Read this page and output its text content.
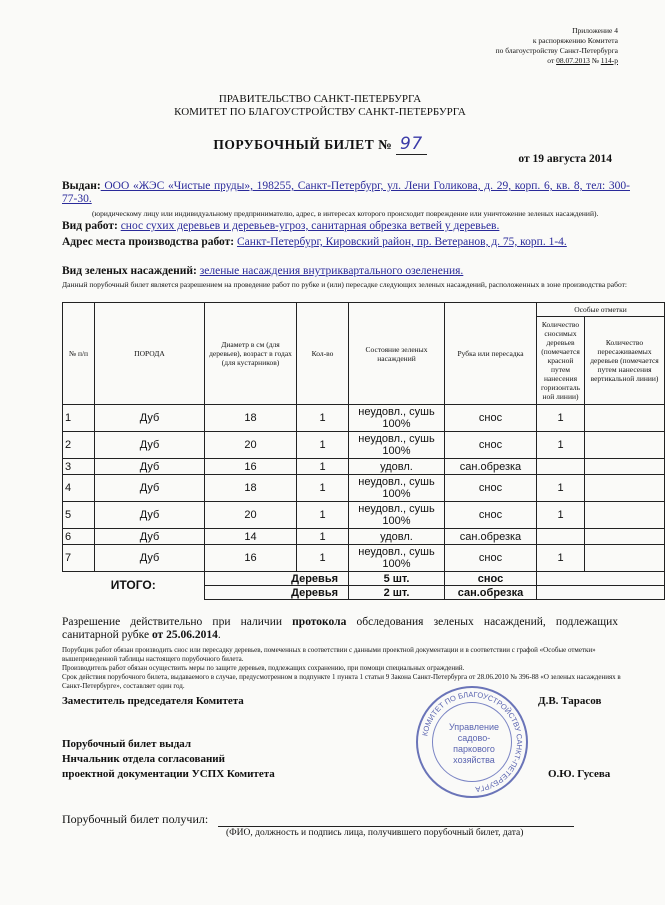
Приложение 4
к распоряжению Комитета
по благоустройству Санкт-Петербурга
от 08.07.2013 № 114-р
ПРАВИТЕЛЬСТВО САНКТ-ПЕТЕРБУРГА
КОМИТЕТ ПО БЛАГОУСТРОЙСТВУ САНКТ-ПЕТЕРБУРГА
ПОРУБОЧНЫЙ БИЛЕТ № 97
от 19 августа 2014
Выдан: ООО «ЖЭС «Чистые пруды», 198255, Санкт-Петербург, ул. Лени Голикова, д. 29, корп. 6, кв. 8, тел: 300-77-30.
(юридическому лицу или индивидуальному предпринимателю, адрес, в интересах которого происходит повреждение или уничтожение зеленых насаждений).
Вид работ: снос сухих деревьев и деревьев-угроз, санитарная обрезка ветвей у деревьев.
Адрес места производства работ: Санкт-Петербург, Кировский район, пр. Ветеранов, д. 75, корп. 1-4.
Вид зеленых насаждений: зеленые насаждения внутриквартального озеленения.
Данный порубочный билет является разрешением на проведение работ по рубке и (или) пересадке следующих зеленых насаждений, расположенных в зоне производства работ:
№ п/п	ПОРОДА	Диаметр в см (для деревьев), возраст в годах (для кустарников)	Кол-во	Состояние зеленых насаждений	Рубка или пересадка	Особые отметки	
						Количество сносимых деревьев (помечается красной путем нанесения горизонталь ной линии)	Количество пересаживаемых деревьев (помечается путем нанесения вертикальной линии)
1	Дуб	18	1	неудовл., сушь 100%	снос	1	
2	Дуб	20	1	неудовл., сушь 100%	снос	1	
3	Дуб	16	1	удовл.	сан.обрезка		
4	Дуб	18	1	неудовл., сушь 100%	снос	1	
5	Дуб	20	1	неудовл., сушь 100%	снос	1	
6	Дуб	14	1	удовл.	сан.обрезка		
7	Дуб	16	1	неудовл., сушь 100%	снос	1	
ИТОГО:		Деревья		5 шт.	снос		
		Деревья		2 шт.	сан.обрезка		
Разрешение действительно при наличии протокола обследования зеленых насаждений, подлежащих санитарной рубке от 25.06.2014.
Порубщик работ обязан производить снос или пересадку деревьев, помеченных в соответствии с данными проектной документации и в соответствии с графой «Особые отметки» вышеприведенной таблицы настоящего порубочного билета.
Производитель работ обязан осуществить меры по защите деревьев, подлежащих сохранению, при помощи специальных ограждений.
Срок действия порубочного билета, выдаваемого в случае, предусмотренном в подпункте 1 пункта 1 статьи 9 Закона Санкт-Петербурга от 28.06.2010 № 396-88 «О зеленых насаждениях в Санкт-Петербурге», составляет один год.
Заместитель председателя Комитета	Д.В. Тарасов
КОМИТЕТ ПО БЛАГОУСТРОЙСТВУ САНКТ-ПЕТЕРБУРГА
Управление садово-паркового хозяйства
Порубочный билет выдал
Ннчальник отдела согласований
проектной документации УСПХ Комитета	О.Ю. Гусева
Порубочный билет получил:
(ФИО, должность и подпись лица, получившего порубочный билет, дата)
